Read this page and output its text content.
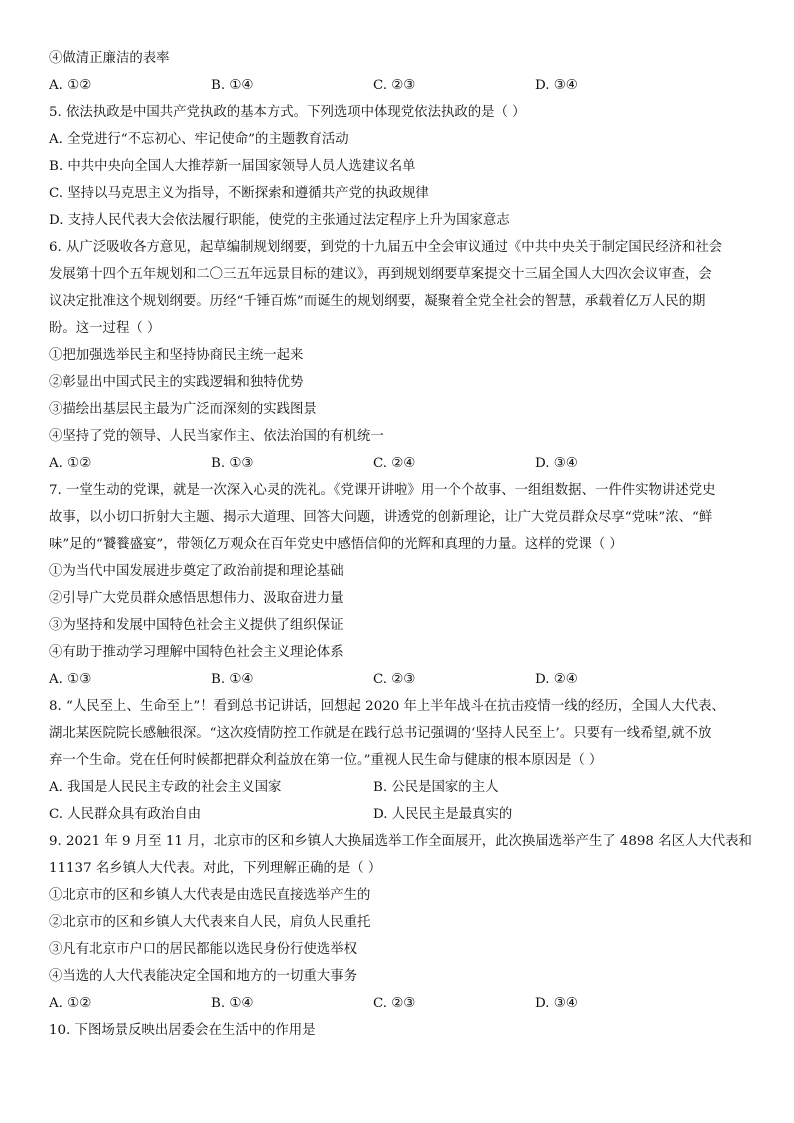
④做清正廉洁的表率
A. ①②	B. ①④	C. ②③	D. ③④
5. 依法执政是中国共产党执政的基本方式。下列选项中体现党依法执政的是（ ）
A. 全党进行“不忘初心、牢记使命”的主题教育活动
B. 中共中央向全国人大推荐新一届国家领导人员人选建议名单
C. 坚持以马克思主义为指导，不断探索和遵循共产党的执政规律
D. 支持人民代表大会依法履行职能，使党的主张通过法定程序上升为国家意志
6. 从广泛吸收各方意见，起草编制规划纲要，到党的十九届五中全会审议通过《中共中央关于制定国民经济和社会
发展第十四个五年规划和二〇三五年远景目标的建议》，再到规划纲要草案提交十三届全国人大四次会议审查，会
议决定批准这个规划纲要。历经“千锤百炼”而诞生的规划纲要，凝聚着全党全社会的智慧，承载着亿万人民的期
盼。这一过程（ ）
①把加强选举民主和坚持协商民主统一起来
②彰显出中国式民主的实践逻辑和独特优势
③描绘出基层民主最为广泛而深刻的实践图景
④坚持了党的领导、人民当家作主、依法治国的有机统一
A. ①②	B. ①③	C. ②④	D. ③④
7. 一堂生动的党课，就是一次深入心灵的洗礼。《党课开讲啦》用一个个故事、一组组数据、一件件实物讲述党史
故事，以小切口折射大主题、揭示大道理、回答大问题，讲透党的创新理论，让广大党员群众尽享“党味”浓、“鲜
味”足的“饕餮盛宴”，带领亿万观众在百年党史中感悟信仰的光辉和真理的力量。这样的党课（ ）
①为当代中国发展进步奠定了政治前提和理论基础
②引导广大党员群众感悟思想伟力、汲取奋进力量
③为坚持和发展中国特色社会主义提供了组织保证
④有助于推动学习理解中国特色社会主义理论体系
A. ①③	B. ①④	C. ②③	D. ②④
8. “人民至上、生命至上”！看到总书记讲话，回想起 2020 年上半年战斗在抗击疫情一线的经历，全国人大代表、
湖北某医院院长感触很深。“这次疫情防控工作就是在践行总书记强调的‘坚持人民至上’。只要有一线希望,就不放
弃一个生命。党在任何时候都把群众利益放在第一位。”重视人民生命与健康的根本原因是（ ）
A. 我国是人民民主专政的社会主义国家	B. 公民是国家的主人
C. 人民群众具有政治自由	D. 人民民主是最真实的
9. 2021 年 9 月至 11 月，北京市的区和乡镇人大换届选举工作全面展开，此次换届选举产生了 4898 名区人大代表和
11137 名乡镇人大代表。对此，下列理解正确的是（ ）
①北京市的区和乡镇人大代表是由选民直接选举产生的
②北京市的区和乡镇人大代表来自人民，肩负人民重托
③凡有北京市户口的居民都能以选民身份行使选举权
④当选的人大代表能决定全国和地方的一切重大事务
A. ①②	B. ①④	C. ②③	D. ③④
10. 下图场景反映出居委会在生活中的作用是
